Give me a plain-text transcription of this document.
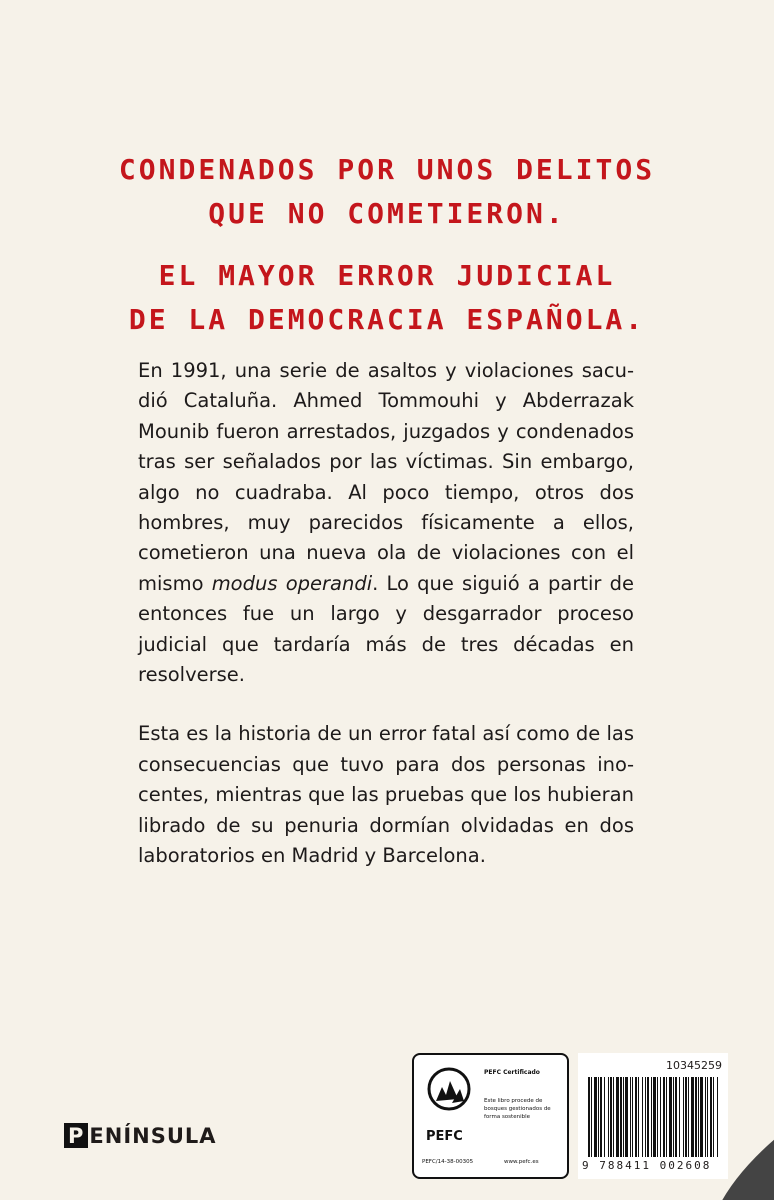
CONDENADOS POR UNOS DELITOS
QUE NO COMETIERON.
EL MAYOR ERROR JUDICIAL
DE LA DEMOCRACIA ESPAÑOLA.

En 1991, una serie de asaltos y violaciones sacudió Cataluña. Ahmed Tommouhi y Abderrazak Mounib fueron arrestados, juzgados y condenados tras ser señalados por las víctimas. Sin embargo, algo no cuadraba. Al poco tiempo, otros dos hombres, muy parecidos físicamente a ellos, cometieron una nueva ola de violaciones con el mismo modus operandi. Lo que siguió a partir de entonces fue un largo y desgarrador proceso judicial que tardaría más de tres décadas en resolverse.

Esta es la historia de un error fatal así como de las consecuencias que tuvo para dos personas inocentes, mientras que las pruebas que los hubieran librado de su penuria dormían olvidadas en dos laboratorios en Madrid y Barcelona.

P ENÍNSULA	PEFC
PEFC Certificado
Este libro procede de bosques gestionados de forma sostenible
PEFC/14-38-00305	www.pefc.es
10345259
9 788411 002608
